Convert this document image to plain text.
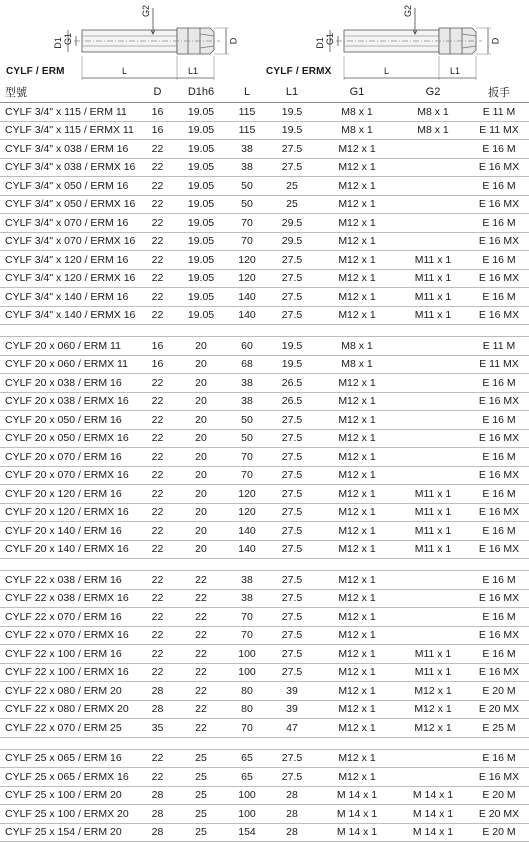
G2
D1 G1	D
L	L1
CYLF / ERM
G2
D1 G1	D
L	L1
CYLF / ERMX
型號	D	D1h6	L	L1	G1	G2	扳手
CYLF 3/4" x 115 / ERM 11	16	19.05	115	19.5	M8 x 1	M8 x 1	E 11 M
CYLF 3/4" x 115 / ERMX 11	16	19.05	115	19.5	M8 x 1	M8 x 1	E 11 MX
CYLF 3/4" x 038 / ERM 16	22	19.05	38	27.5	M12 x 1		E 16 M
CYLF 3/4" x 038 / ERMX 16	22	19.05	38	27.5	M12 x 1		E 16 MX
CYLF 3/4" x 050 / ERM 16	22	19.05	50	25	M12 x 1		E 16 M
CYLF 3/4" x 050 / ERMX 16	22	19.05	50	25	M12 x 1		E 16 MX
CYLF 3/4" x 070 / ERM 16	22	19.05	70	29.5	M12 x 1		E 16 M
CYLF 3/4" x 070 / ERMX 16	22	19.05	70	29.5	M12 x 1		E 16 MX
CYLF 3/4" x 120 / ERM 16	22	19.05	120	27.5	M12 x 1	M11 x 1	E 16 M
CYLF 3/4" x 120 / ERMX 16	22	19.05	120	27.5	M12 x 1	M11 x 1	E 16 MX
CYLF 3/4" x 140 / ERM 16	22	19.05	140	27.5	M12 x 1	M11 x 1	E 16 M
CYLF 3/4" x 140 / ERMX 16	22	19.05	140	27.5	M12 x 1	M11 x 1	E 16 MX

CYLF 20 x 060 / ERM 11	16	20	60	19.5	M8 x 1		E 11 M
CYLF 20 x 060 / ERMX 11	16	20	68	19.5	M8 x 1		E 11 MX
CYLF 20 x 038 / ERM 16	22	20	38	26.5	M12 x 1		E 16 M
CYLF 20 x 038 / ERMX 16	22	20	38	26.5	M12 x 1		E 16 MX
CYLF 20 x 050 / ERM 16	22	20	50	27.5	M12 x 1		E 16 M
CYLF 20 x 050 / ERMX 16	22	20	50	27.5	M12 x 1		E 16 MX
CYLF 20 x 070 / ERM 16	22	20	70	27.5	M12 x 1		E 16 M
CYLF 20 x 070 / ERMX 16	22	20	70	27.5	M12 x 1		E 16 MX
CYLF 20 x 120 / ERM 16	22	20	120	27.5	M12 x 1	M11 x 1	E 16 M
CYLF 20 x 120 / ERMX 16	22	20	120	27.5	M12 x 1	M11 x 1	E 16 MX
CYLF 20 x 140 / ERM 16	22	20	140	27.5	M12 x 1	M11 x 1	E 16 M
CYLF 20 x 140 / ERMX 16	22	20	140	27.5	M12 x 1	M11 x 1	E 16 MX

CYLF 22 x 038 / ERM 16	22	22	38	27.5	M12 x 1		E 16 M
CYLF 22 x 038 / ERMX 16	22	22	38	27.5	M12 x 1		E 16 MX
CYLF 22 x 070 / ERM 16	22	22	70	27.5	M12 x 1		E 16 M
CYLF 22 x 070 / ERMX 16	22	22	70	27.5	M12 x 1		E 16 MX
CYLF 22 x 100 / ERM 16	22	22	100	27.5	M12 x 1	M11 x 1	E 16 M
CYLF 22 x 100 / ERMX 16	22	22	100	27.5	M12 x 1	M11 x 1	E 16 MX
CYLF 22 x 080 / ERM 20	28	22	80	39	M12 x 1	M12 x 1	E 20 M
CYLF 22 x 080 / ERMX 20	28	22	80	39	M12 x 1	M12 x 1	E 20 MX
CYLF 22 x 070 / ERM 25	35	22	70	47	M12 x 1	M12 x 1	E 25 M

CYLF 25 x 065 / ERM 16	22	25	65	27.5	M12 x 1		E 16 M
CYLF 25 x 065 / ERMX 16	22	25	65	27.5	M12 x 1		E 16 MX
CYLF 25 x 100 / ERM 20	28	25	100	28	M 14 x 1	M 14 x 1	E 20 M
CYLF 25 x 100 / ERMX 20	28	25	100	28	M 14 x 1	M 14 x 1	E 20 MX
CYLF 25 x 154 / ERM 20	28	25	154	28	M 14 x 1	M 14 x 1	E 20 M
